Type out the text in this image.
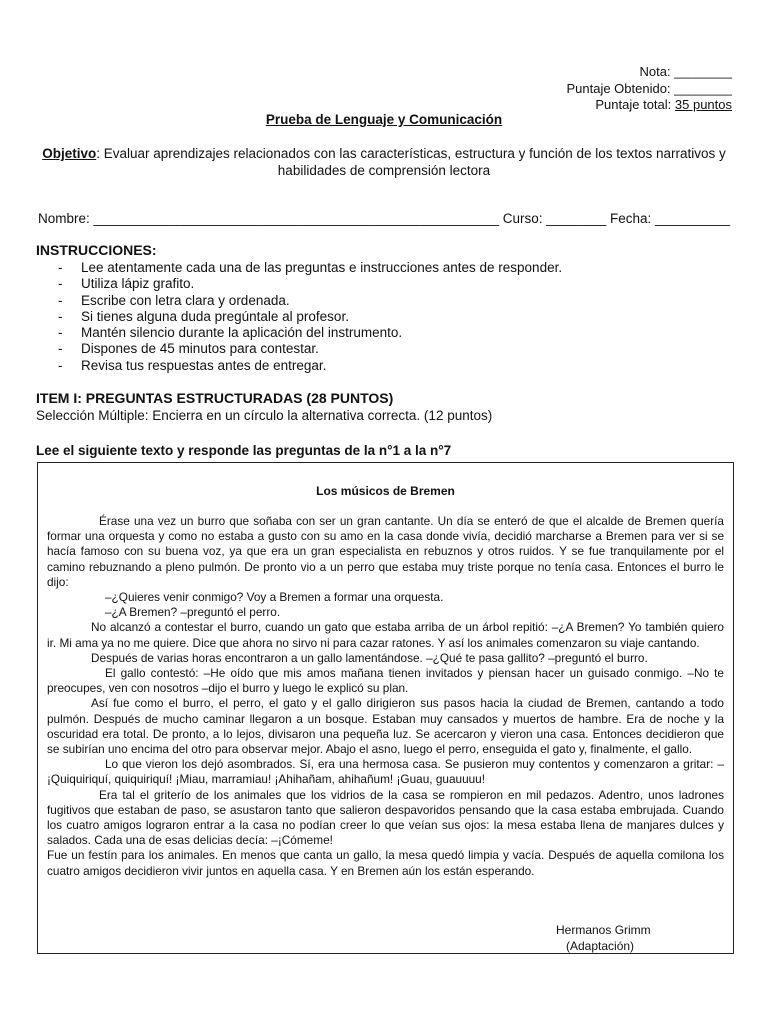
Nota: ________
Puntaje Obtenido: ________
Puntaje total: 35 puntos
Prueba de Lenguaje y Comunicación
Objetivo: Evaluar aprendizajes relacionados con las características, estructura y función de los textos narrativos y habilidades de comprensión lectora
Nombre: ______________________________________________________ Curso: ________ Fecha: __________
INSTRUCCIONES:
- Lee atentamente cada una de las preguntas e instrucciones antes de responder.
- Utiliza lápiz grafito.
- Escribe con letra clara y ordenada.
- Si tienes alguna duda pregúntale al profesor.
- Mantén silencio durante la aplicación del instrumento.
- Dispones de 45 minutos para contestar.
- Revisa tus respuestas antes de entregar.
ITEM I: PREGUNTAS ESTRUCTURADAS (28 PUNTOS)
Selección Múltiple: Encierra en un círculo la alternativa correcta. (12 puntos)
Lee el siguiente texto y responde las preguntas de la n°1 a la n°7
Los músicos de Bremen

Érase una vez un burro que soñaba con ser un gran cantante. Un día se enteró de que el alcalde de Bremen quería formar una orquesta y como no estaba a gusto con su amo en la casa donde vivía, decidió marcharse a Bremen para ver si se hacía famoso con su buena voz, ya que era un gran especialista en rebuznos y otros ruidos. Y se fue tranquilamente por el camino rebuznando a pleno pulmón. De pronto vio a un perro que estaba muy triste porque no tenía casa. Entonces el burro le dijo:

–¿Quieres venir conmigo? Voy a Bremen a formar una orquesta.

–¿A Bremen? –preguntó el perro.

No alcanzó a contestar el burro, cuando un gato que estaba arriba de un árbol repitió: –¿A Bremen? Yo también quiero ir. Mi ama ya no me quiere. Dice que ahora no sirvo ni para cazar ratones. Y así los animales comenzaron su viaje cantando.

Después de varias horas encontraron a un gallo lamentándose. –¿Qué te pasa gallito? –preguntó el burro.

El gallo contestó: –He oído que mis amos mañana tienen invitados y piensan hacer un guisado conmigo. –No te preocupes, ven con nosotros –dijo el burro y luego le explicó su plan.

Así fue como el burro, el perro, el gato y el gallo dirigieron sus pasos hacia la ciudad de Bremen, cantando a todo pulmón. Después de mucho caminar llegaron a un bosque. Estaban muy cansados y muertos de hambre. Era de noche y la oscuridad era total. De pronto, a lo lejos, divisaron una pequeña luz. Se acercaron y vieron una casa. Entonces decidieron que se subirían uno encima del otro para observar mejor. Abajo el asno, luego el perro, enseguida el gato y, finalmente, el gallo.

Lo que vieron los dejó asombrados. Sí, era una hermosa casa. Se pusieron muy contentos y comenzaron a gritar: –¡Quiquiriquí, quiquiriquí! ¡Miau, marramiau! ¡Ahihañam, ahihañum! ¡Guau, guauuuu!

Era tal el griterío de los animales que los vidrios de la casa se rompieron en mil pedazos. Adentro, unos ladrones fugitivos que estaban de paso, se asustaron tanto que salieron despavoridos pensando que la casa estaba embrujada. Cuando los cuatro amigos lograron entrar a la casa no podían creer lo que veían sus ojos: la mesa estaba llena de manjares dulces y salados. Cada una de esas delicias decía: –¡Cómeme!

Fue un festín para los animales. En menos que canta un gallo, la mesa quedó limpia y vacía. Después de aquella comilona los cuatro amigos decidieron vivir juntos en aquella casa. Y en Bremen aún los están esperando.

Hermanos Grimm
(Adaptación)
